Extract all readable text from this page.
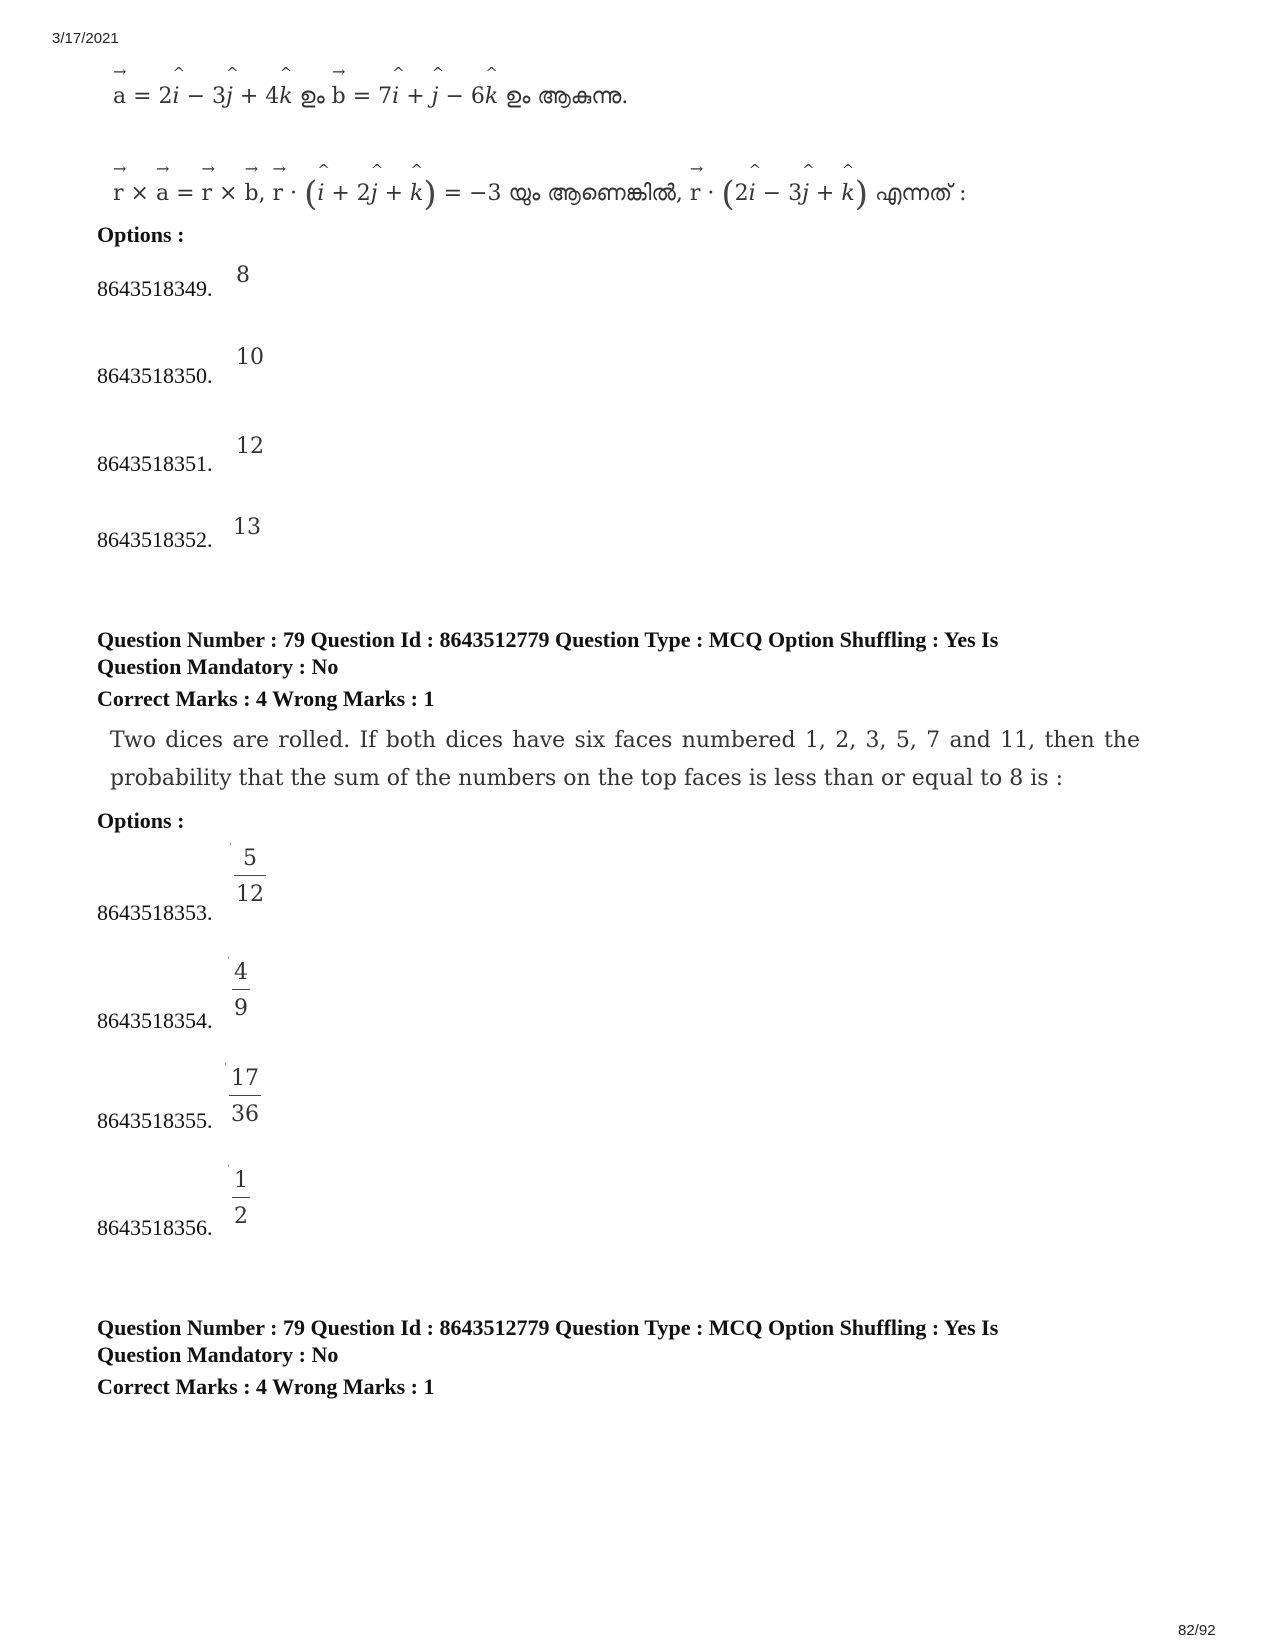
3/17/2021
→
a = 2
^
i − 3
^
j + 4
^
k ഉം
→
b = 7
^
i +
^
j − 6
^
k ഉം ആകുന്നു.
→
r ×
→
a =
→
r ×
→
b,
→
r · (
^
i + 2
^
j +
^
k) = −3 യും ആണെങ്കിൽ,
→
r · (2
^
i − 3
^
j +
^
k) എന്നത് :
Options :
8643518349.
8
8643518350.
10
8643518351.
12
8643518352. 13
Question Number : 79 Question Id : 8643512779 Question Type : MCQ Option Shuffling : Yes Is
Question Mandatory : No
Correct Marks : 4 Wrong Marks : 1
Two dices are rolled. If both dices have six faces numbered 1, 2, 3, 5, 7 and 11, then the probability that the sum of the numbers on the top faces is less than or equal to 8 is :
Options :
8643518353.
' 5
12
8643518354.
' 4
9
8643518355.
' 17
36
8643518356.
' 1
2
Question Number : 79 Question Id : 8643512779 Question Type : MCQ Option Shuffling : Yes Is
Question Mandatory : No
Correct Marks : 4 Wrong Marks : 1
82/92
